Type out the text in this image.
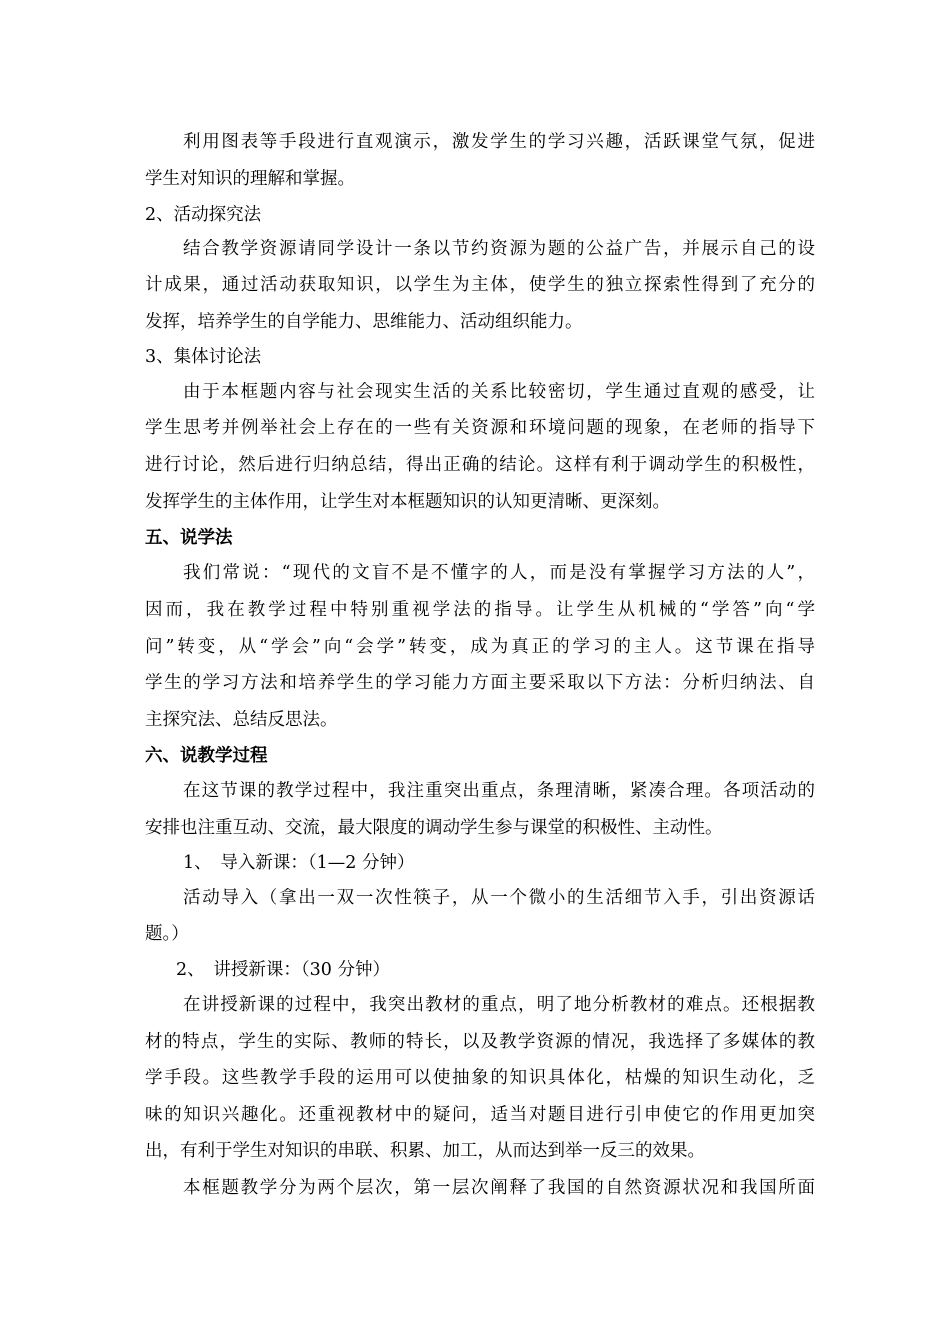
利用图表等手段进行直观演示，激发学生的学习兴趣，活跃课堂气氛，促进
学生对知识的理解和掌握。
2、活动探究法
结合教学资源请同学设计一条以节约资源为题的公益广告，并展示自己的设
计成果，通过活动获取知识，以学生为主体，使学生的独立探索性得到了充分的
发挥，培养学生的自学能力、思维能力、活动组织能力。
3、集体讨论法
由于本框题内容与社会现实生活的关系比较密切，学生通过直观的感受，让
学生思考并例举社会上存在的一些有关资源和环境问题的现象，在老师的指导下
进行讨论，然后进行归纳总结，得出正确的结论。这样有利于调动学生的积极性，
发挥学生的主体作用，让学生对本框题知识的认知更清晰、更深刻。
五、说学法
我们常说：“现代的文盲不是不懂字的人，而是没有掌握学习方法的人”，
因而，我在教学过程中特别重视学法的指导。让学生从机械的“学答”向“学
问”转变，从“学会”向“会学”转变，成为真正的学习的主人。这节课在指导
学生的学习方法和培养学生的学习能力方面主要采取以下方法：分析归纳法、自
主探究法、总结反思法。
六、说教学过程
在这节课的教学过程中，我注重突出重点，条理清晰，紧凑合理。各项活动的
安排也注重互动、交流，最大限度的调动学生参与课堂的积极性、主动性。
1、　导入新课：（1—2 分钟）
活动导入（拿出一双一次性筷子，从一个微小的生活细节入手，引出资源话
题。）
2、　讲授新课：（30 分钟）
在讲授新课的过程中，我突出教材的重点，明了地分析教材的难点。还根据教
材的特点，学生的实际、教师的特长，以及教学资源的情况，我选择了多媒体的教
学手段。这些教学手段的运用可以使抽象的知识具体化，枯燥的知识生动化，乏
味的知识兴趣化。还重视教材中的疑问，适当对题目进行引申使它的作用更加突
出，有利于学生对知识的串联、积累、加工，从而达到举一反三的效果。
本框题教学分为两个层次，第一层次阐释了我国的自然资源状况和我国所面
